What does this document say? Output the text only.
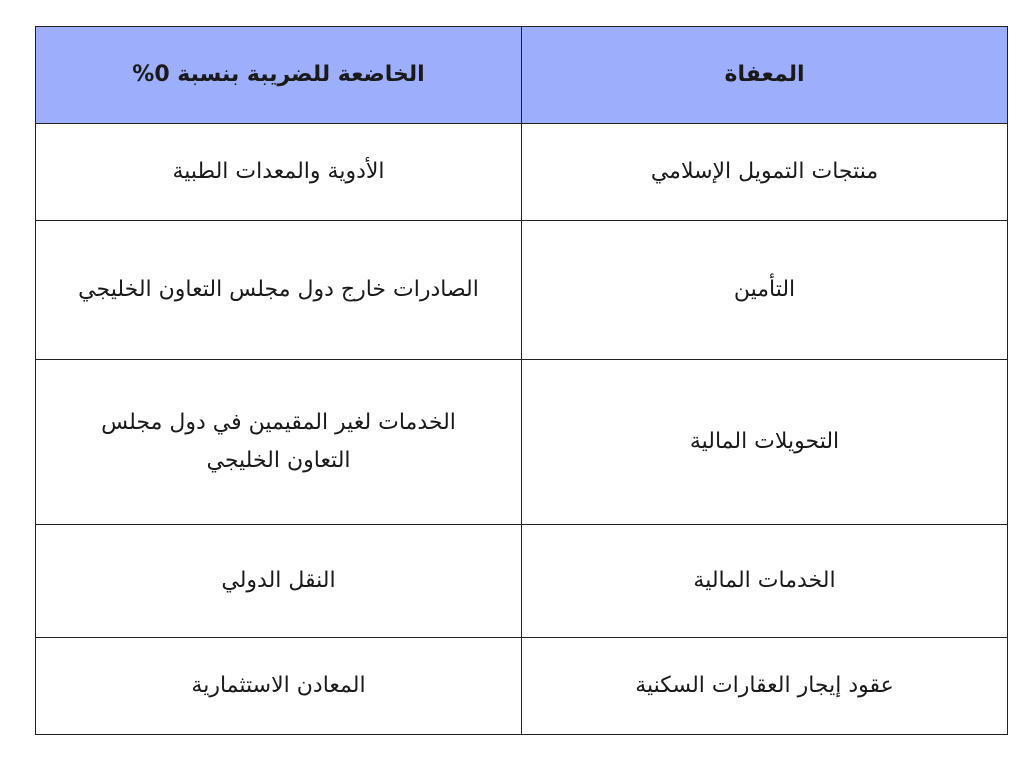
المعفاة	الخاضعة للضريبة بنسبة 0%
منتجات التمويل الإسلامي	الأدوية والمعدات الطبية
التأمين	الصادرات خارج دول مجلس التعاون الخليجي
التحويلات المالية	الخدمات لغير المقيمين في دول مجلس التعاون الخليجي
الخدمات المالية	النقل الدولي
عقود إيجار العقارات السكنية	المعادن الاستثمارية
